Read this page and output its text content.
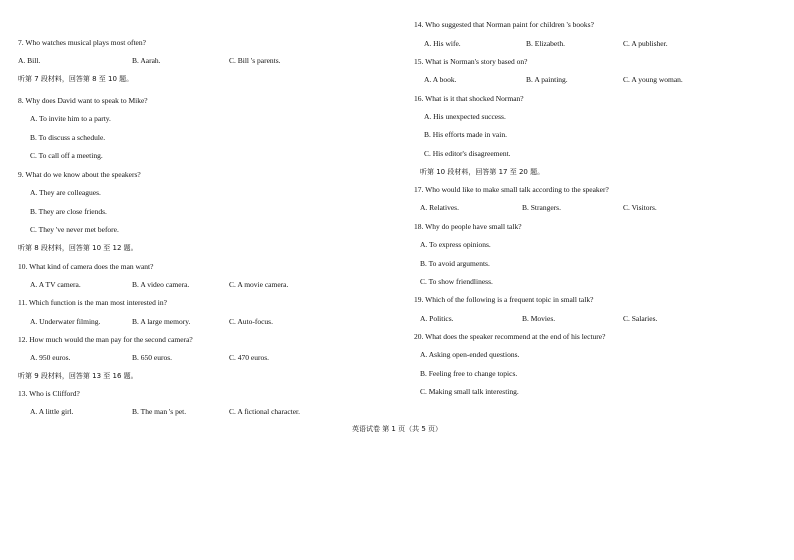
7. Who watches musical plays most often?
A. Bill.	B. Aarah.	C. Bill 's parents.
听第 7 段材料，回答第 8 至 10 题。
8. Why does David want to speak to Mike?
A. To invite him to a party.
B. To discuss a schedule.
C. To call off a meeting.
9. What do we know about the speakers?
A. They are colleagues.
B. They are close friends.
C. They 've never met before.
听第 8 段材料，回答第 10 至 12 题。
10. What kind of camera does the man want?
A. A TV camera.	B. A video camera.	C. A movie camera.
11. Which function is the man most interested in?
A. Underwater filming.	B. A large memory.	C. Auto-focus.
12. How much would the man pay for the second camera?
A. 950 euros.	B. 650 euros.	C. 470 euros.
听第 9 段材料，回答第 13 至 16 题。
13. Who is Clifford?
A. A little girl.	B. The man 's pet.	C. A fictional character.
14. Who suggested that Norman paint for children 's books?
A. His wife.	B. Elizabeth.	C. A publisher.
15. What is Norman's story based on?
A. A book.	B. A painting.	C. A young woman.
16. What is it that shocked Norman?
A. His unexpected success.
B. His efforts made in vain.
C. His editor's disagreement.
听第 10 段材料，回答第 17 至 20 题。
17. Who would like to make small talk according to the speaker?
A. Relatives.	B. Strangers.	C. Visitors.
18. Why do people have small talk?
A. To express opinions.
B. To avoid arguments.
C. To show friendliness.
19. Which of the following is a frequent topic in small talk?
A. Politics.	B. Movies.	C. Salaries.
20. What does the speaker recommend at the end of his lecture?
A. Asking open-ended questions.
B. Feeling free to change topics.
C. Making small talk interesting.
英语试卷 第 1 页（共 5 页）
